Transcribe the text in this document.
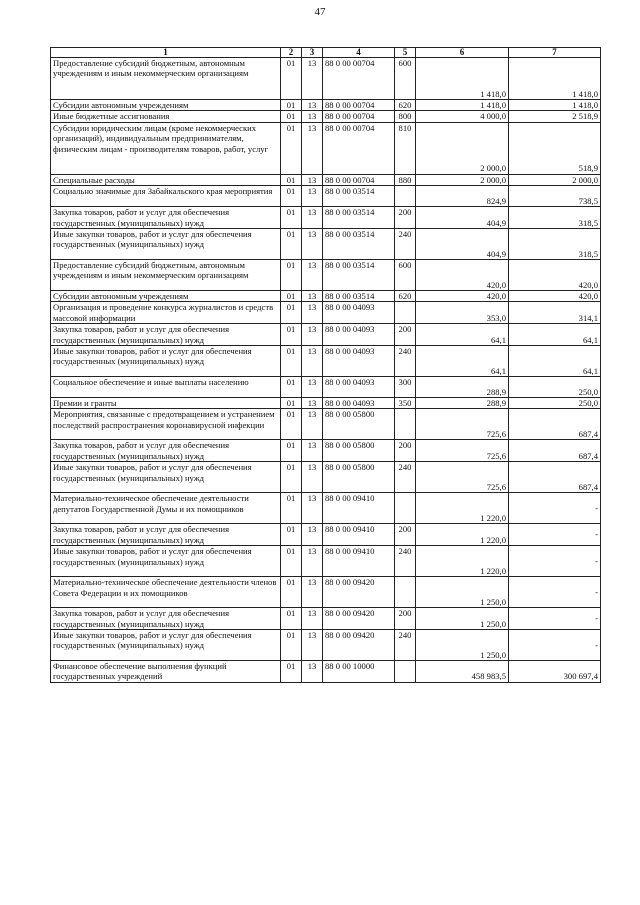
47
1	2	3	4	5	6	7
Предоставление субсидий бюджетным, автономным учреждениям и иным некоммерческим организациям	01	13	88 0 00 00704	600	1 418,0	1 418,0
Субсидии автономным учреждениям	01	13	88 0 00 00704	620	1 418,0	1 418,0
Иные бюджетные ассигнования	01	13	88 0 00 00704	800	4 000,0	2 518,9
Субсидии юридическим лицам (кроме некоммерческих организаций), индивидуальным предпринимателям, физическим лицам - производителям товаров, работ, услуг	01	13	88 0 00 00704	810	2 000,0	518,9
Специальные расходы	01	13	88 0 00 00704	880	2 000,0	2 000,0
Социально значимые для Забайкальского края мероприятия	01	13	88 0 00 03514		824,9	738,5
Закупка товаров, работ и услуг для обеспечения государственных (муниципальных) нужд	01	13	88 0 00 03514	200	404,9	318,5
Иные закупки товаров, работ и услуг для обеспечения государственных (муниципальных) нужд	01	13	88 0 00 03514	240	404,9	318,5
Предоставление субсидий бюджетным, автономным учреждениям и иным некоммерческим организациям	01	13	88 0 00 03514	600	420,0	420,0
Субсидии автономным учреждениям	01	13	88 0 00 03514	620	420,0	420,0
Организация и проведение конкурса журналистов и средств массовой информации	01	13	88 0 00 04093		353,0	314,1
Закупка товаров, работ и услуг для обеспечения государственных (муниципальных) нужд	01	13	88 0 00 04093	200	64,1	64,1
Иные закупки товаров, работ и услуг для обеспечения государственных (муниципальных) нужд	01	13	88 0 00 04093	240	64,1	64,1
Социальное обеспечение и иные выплаты населению	01	13	88 0 00 04093	300	288,9	250,0
Премии и гранты	01	13	88 0 00 04093	350	288,9	250,0
Мероприятия, связанные с предотвращением и устранением последствий распространения коронавирусной инфекции	01	13	88 0 00 05800		725,6	687,4
Закупка товаров, работ и услуг для обеспечения государственных (муниципальных) нужд	01	13	88 0 00 05800	200	725,6	687,4
Иные закупки товаров, работ и услуг для обеспечения государственных (муниципальных) нужд	01	13	88 0 00 05800	240	725,6	687,4
Материально-техническое обеспечение деятельности депутатов Государственной Думы и их помощников	01	13	88 0 00 09410		1 220,0	-
Закупка товаров, работ и услуг для обеспечения государственных (муниципальных) нужд	01	13	88 0 00 09410	200	1 220,0	-
Иные закупки товаров, работ и услуг для обеспечения государственных (муниципальных) нужд	01	13	88 0 00 09410	240	1 220,0	-
Материально-техническое обеспечение деятельности членов Совета Федерации и их помощников	01	13	88 0 00 09420		1 250,0	-
Закупка товаров, работ и услуг для обеспечения государственных (муниципальных) нужд	01	13	88 0 00 09420	200	1 250,0	-
Иные закупки товаров, работ и услуг для обеспечения государственных (муниципальных) нужд	01	13	88 0 00 09420	240	1 250,0	-
Финансовое обеспечение выполнения функций государственных учреждений	01	13	88 0 00 10000		458 983,5	300 697,4
